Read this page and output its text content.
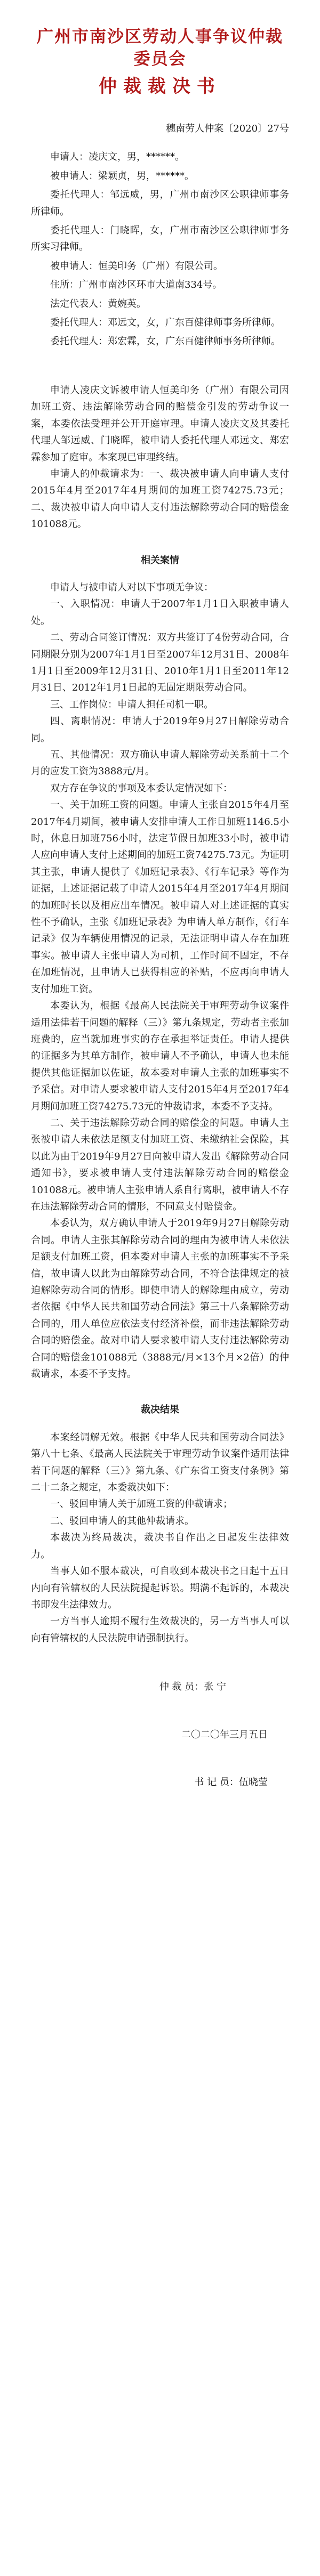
广州市南沙区劳动人事争议仲裁委员会
仲裁裁决书
穗南劳人仲案〔2020〕27号

申请人：凌庆文，男，******。

被申请人：梁颖贞，男，******。

委托代理人：邹远威，男，广州市南沙区公职律师事务所律师。

委托代理人：门晓晖，女，广州市南沙区公职律师事务所实习律师。

被申请人：恒美印务（广州）有限公司。

住所：广州市南沙区环市大道南334号。

法定代表人：黄婉英。

委托代理人：邓远文，女，广东百健律师事务所律师。

委托代理人：郑宏霖，女，广东百健律师事务所律师。

申请人凌庆文诉被申请人恒美印务（广州）有限公司因加班工资、违法解除劳动合同的赔偿金引发的劳动争议一案，本委依法受理并公开开庭审理。申请人凌庆文及其委托代理人邹远威、门晓晖，被申请人委托代理人邓远文、郑宏霖参加了庭审。本案现已审理终结。

申请人的仲裁请求为：一、裁决被申请人向申请人支付2015年4月至2017年4月期间的加班工资74275.73元；二、裁决被申请人向申请人支付违法解除劳动合同的赔偿金101088元。

相关案情

申请人与被申请人对以下事项无争议：

一、入职情况：申请人于2007年1月1日入职被申请人处。

二、劳动合同签订情况：双方共签订了4份劳动合同，合同期限分别为2007年1月1日至2007年12月31日、2008年1月1日至2009年12月31日、2010年1月1日至2011年12月31日、2012年1月1日起的无固定期限劳动合同。

三、工作岗位：申请人担任司机一职。

四、离职情况：申请人于2019年9月27日解除劳动合同。

五、其他情况：双方确认申请人解除劳动关系前十二个月的应发工资为3888元/月。

双方存在争议的事项及本委认定情况如下：

一、关于加班工资的问题。申请人主张自2015年4月至2017年4月期间，被申请人安排申请人工作日加班1146.5小时，休息日加班756小时，法定节假日加班33小时，被申请人应向申请人支付上述期间的加班工资74275.73元。为证明其主张，申请人提供了《加班记录表》、《行车记录》等作为证据，上述证据记载了申请人2015年4月至2017年4月期间的加班时长以及相应出车情况。被申请人对上述证据的真实性不予确认，主张《加班记录表》为申请人单方制作，《行车记录》仅为车辆使用情况的记录，无法证明申请人存在加班事实。被申请人主张申请人为司机，工作时间不固定，不存在加班情况，且申请人已获得相应的补贴，不应再向申请人支付加班工资。

本委认为，根据《最高人民法院关于审理劳动争议案件适用法律若干问题的解释（三）》第九条规定，劳动者主张加班费的，应当就加班事实的存在承担举证责任。申请人提供的证据多为其单方制作，被申请人不予确认，申请人也未能提供其他证据加以佐证，故本委对申请人主张的加班事实不予采信。对申请人要求被申请人支付2015年4月至2017年4月期间加班工资74275.73元的仲裁请求，本委不予支持。

二、关于违法解除劳动合同的赔偿金的问题。申请人主张被申请人未依法足额支付加班工资、未缴纳社会保险，其以此为由于2019年9月27日向被申请人发出《解除劳动合同通知书》，要求被申请人支付违法解除劳动合同的赔偿金101088元。被申请人主张申请人系自行离职，被申请人不存在违法解除劳动合同的情形，不同意支付赔偿金。

本委认为，双方确认申请人于2019年9月27日解除劳动合同。申请人主张其解除劳动合同的理由为被申请人未依法足额支付加班工资，但本委对申请人主张的加班事实不予采信，故申请人以此为由解除劳动合同，不符合法律规定的被迫解除劳动合同的情形。即使申请人的解除理由成立，劳动者依据《中华人民共和国劳动合同法》第三十八条解除劳动合同的，用人单位应依法支付经济补偿，而非违法解除劳动合同的赔偿金。故对申请人要求被申请人支付违法解除劳动合同的赔偿金101088元（3888元/月×13个月×2倍）的仲裁请求，本委不予支持。

裁决结果

本案经调解无效。根据《中华人民共和国劳动合同法》第八十七条、《最高人民法院关于审理劳动争议案件适用法律若干问题的解释（三）》第九条、《广东省工资支付条例》第二十二条之规定，本委裁决如下：

一、驳回申请人关于加班工资的仲裁请求；

二、驳回申请人的其他仲裁请求。

本裁决为终局裁决，裁决书自作出之日起发生法律效力。

当事人如不服本裁决，可自收到本裁决书之日起十五日内向有管辖权的人民法院提起诉讼。期满不起诉的，本裁决书即发生法律效力。

一方当事人逾期不履行生效裁决的，另一方当事人可以向有管辖权的人民法院申请强制执行。

仲 裁 员：张 宁

二〇二〇年三月五日

书 记 员：伍晓莹
